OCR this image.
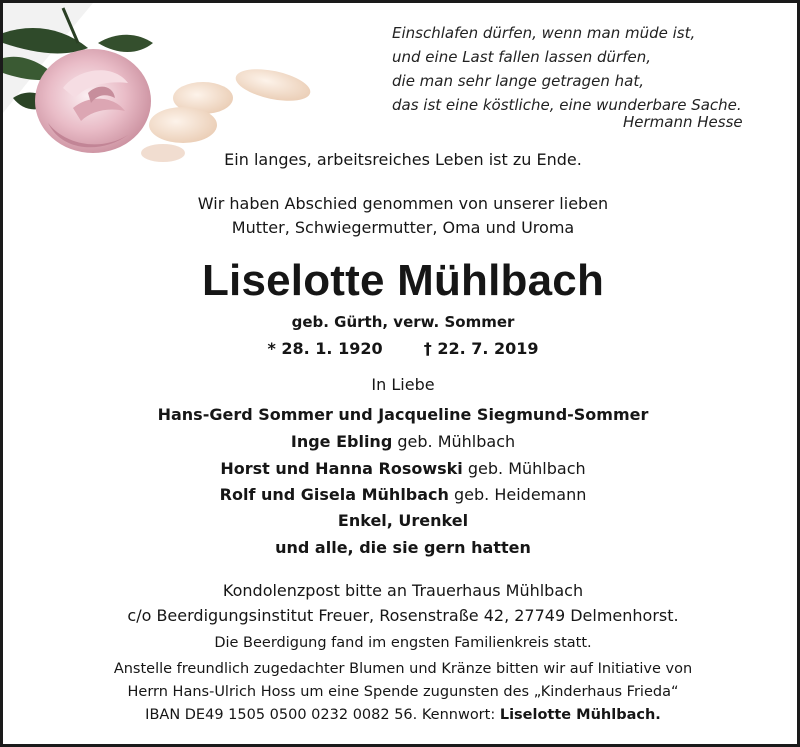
Einschlafen dürfen, wenn man müde ist,
und eine Last fallen lassen dürfen,
die man sehr lange getragen hat,
das ist eine köstliche, eine wunderbare Sache.
Hermann Hesse
Ein langes, arbeitsreiches Leben ist zu Ende.
Wir haben Abschied genommen von unserer lieben
Mutter, Schwiegermutter, Oma und Uroma
Liselotte Mühlbach
geb. Gürth, verw. Sommer
* 28. 1. 1920	† 22. 7. 2019
In Liebe
Hans-Gerd Sommer und Jacqueline Siegmund-Sommer
Inge Ebling geb. Mühlbach
Horst und Hanna Rosowski geb. Mühlbach
Rolf und Gisela Mühlbach geb. Heidemann
Enkel, Urenkel
und alle, die sie gern hatten
Kondolenzpost bitte an Trauerhaus Mühlbach
c/o Beerdigungsinstitut Freuer, Rosenstraße 42, 27749 Delmenhorst.
Die Beerdigung fand im engsten Familienkreis statt.
Anstelle freundlich zugedachter Blumen und Kränze bitten wir auf Initiative von
Herrn Hans-Ulrich Hoss um eine Spende zugunsten des „Kinderhaus Frieda“
IBAN DE49 1505 0500 0232 0082 56. Kennwort: Liselotte Mühlbach.
